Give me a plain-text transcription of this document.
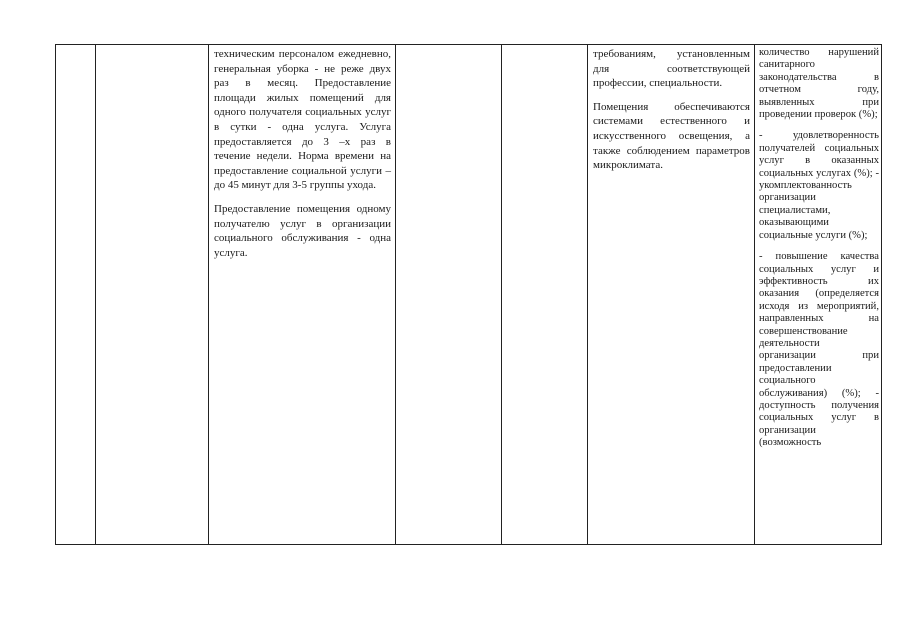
техническим персоналом ежедневно, генеральная уборка - не реже двух раз в месяц. Предоставление площади жилых помещений для одного получателя социальных услуг в сутки - одна услуга. Услуга предоставляется до 3 –х раз в течение недели. Норма времени на предоставление социальной услуги – до 45 минут для 3-5 группы ухода.

Предоставление помещения одному получателю услуг в организации социального обслуживания - одна услуга.

требованиям, установленным для соответствующей профессии, специальности.

Помещения обеспечиваются системами естественного и искусственного освещения, а также соблюдением параметров микроклимата.

количество нарушений санитарного законодательства в отчетном году, выявленных при проведении проверок (%);

- удовлетворенность получателей социальных услуг в оказанных социальных услугах (%); - укомплектованность организации специалистами, оказывающими социальные услуги (%);

- повышение качества социальных услуг и эффективность их оказания (определяется исходя из мероприятий, направленных на совершенствование деятельности организации при предоставлении социального обслуживания) (%); - доступность получения социальных услуг в организации (возможность
